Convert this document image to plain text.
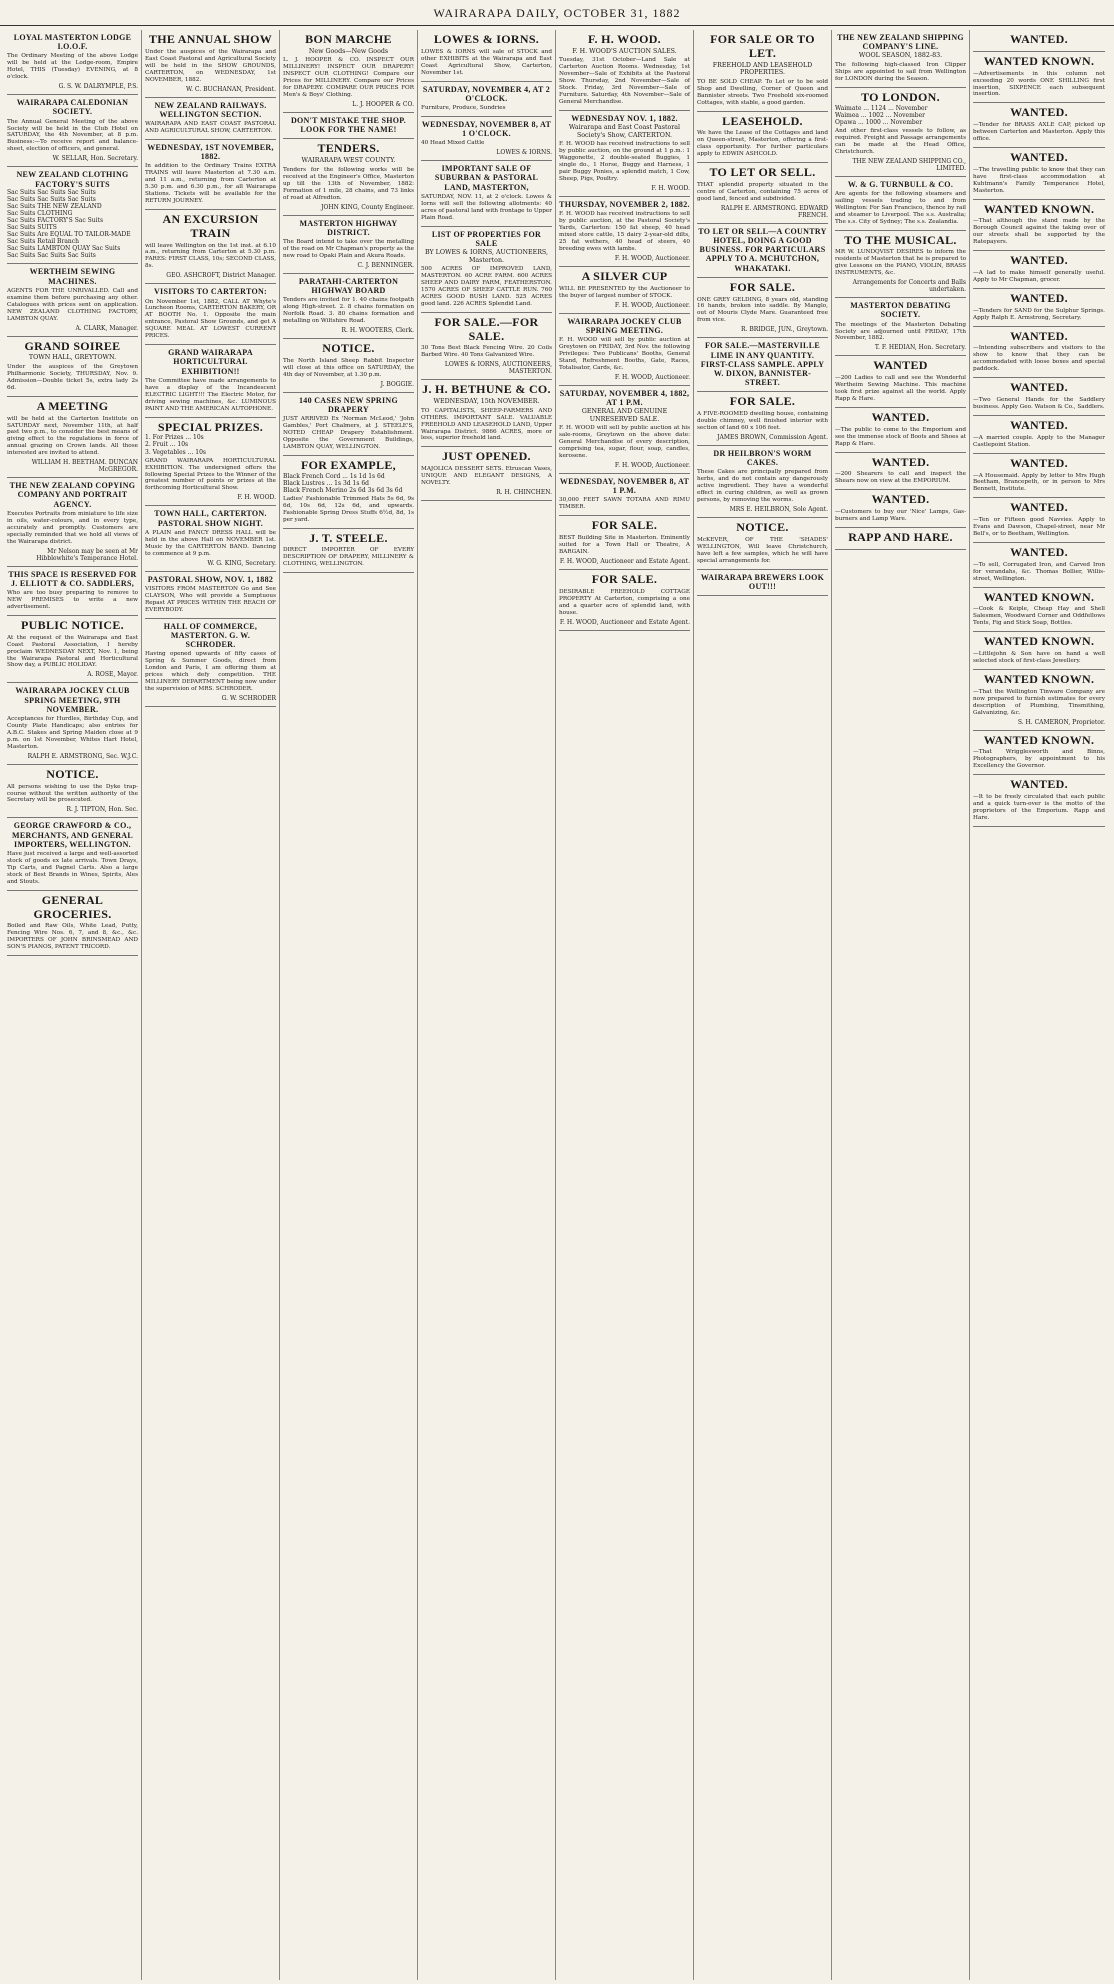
WAIRARAPA DAILY, OCTOBER 31, 1882
LOYAL MASTERTON LODGE I.O.O.F.
The Ordinary Meeting of the above Lodge will be held at the Lodge-room, Empire Hotel, THIS (Tuesday) EVENING, at 8 o'clock.
G. S. W. DALRYMPLE, P.S.
WAIRARAPA CALEDONIAN SOCIETY.
The Annual General Meeting of the above Society will be held in the Club Hotel on SATURDAY, the 4th November, at 8 p.m. Business:—To receive report and balance-sheet, election of officers, and general.
W. SELLAR, Hon. Secretary.
NEW ZEALAND CLOTHING FACTORY'S SUITS
Sac Suits Sac Suits Sac Suits
Sac Suits Sac Suits Sac Suits
Sac Suits THE NEW ZEALAND
Sac Suits CLOTHING
Sac Suits FACTORY'S Sac Suits
Sac Suits SUITS
Sac Suits Are EQUAL TO TAILOR-MADE
Sac Suits Retail Branch
Sac Suits LAMBTON QUAY Sac Suits
Sac Suits Sac Suits Sac Suits
WERTHEIM SEWING MACHINES.
AGENTS FOR THE UNRIVALLED. Call and examine them before purchasing any other. Catalogues with prices sent on application. NEW ZEALAND CLOTHING FACTORY, LAMBTON QUAY.
A. CLARK, Manager.
GRAND SOIREE
TOWN HALL, GREYTOWN.
Under the auspices of the Greytown Philharmonic Society, THURSDAY, Nov. 9. Admission—Double ticket 5s, extra lady 2s 6d.
A MEETING
will be held at the Carterton Institute on SATURDAY next, November 11th, at half past two p.m., to consider the best means of giving effect to the regulations in force of annual grazing on Crown lands. All those interested are invited to attend.
WILLIAM H. BEETHAM. DUNCAN McGREGOR.
THE NEW ZEALAND COPYING COMPANY AND PORTRAIT AGENCY.
Executes Portraits from miniature to life size in oils, water-colours, and in every type, accurately and promptly. Customers are specially reminded that we hold all views of the Wairarapa district.
Mr Nelson may be seen at Mr Hibblewhite's Temperance Hotel.
THIS SPACE IS RESERVED FOR J. ELLIOTT & CO. SADDLERS,
Who are too busy preparing to remove to NEW PREMISES to write a new advertisement.
PUBLIC NOTICE.
At the request of the Wairarapa and East Coast Pastoral Association, I hereby proclaim WEDNESDAY NEXT, Nov. 1, being the Wairarapa Pastoral and Horticultural Show day, a PUBLIC HOLIDAY.
A. ROSE, Mayor.
WAIRARAPA JOCKEY CLUB SPRING MEETING, 9TH NOVEMBER.
Acceptances for Hurdles, Birthday Cup, and County Plate Handicaps; also entries for A.B.C. Stakes and Spring Maiden close at 9 p.m. on 1st November, Whites Hart Hotel, Masterton.
RALPH E. ARMSTRONG, Sec. W.J.C.
NOTICE.
All persons wishing to use the Dyke trap-course without the written authority of the Secretary will be prosecuted.
R. J. TIPTON, Hon. Sec.
GEORGE CRAWFORD & CO., MERCHANTS, AND GENERAL IMPORTERS, WELLINGTON.
Have just received a large and well-assorted stock of goods ex late arrivals. Town Drays, Tip Carts, and Pagnel Carts. Also a large stock of Best Brands in Wines, Spirits, Ales and Stouts.
GENERAL GROCERIES.
Boiled and Raw Oils, White Lead, Putty, Fencing Wire Nos. 6, 7, and 8, &c., &c. IMPORTERS OF JOHN BRINSMEAD AND SON'S PIANOS, PATENT TRICORD.
THE ANNUAL SHOW
Under the auspices of the Wairarapa and East Coast Pastoral and Agricultural Society will be held in the SHOW GROUNDS, CARTERTON, on WEDNESDAY, 1st NOVEMBER, 1882.
W. C. BUCHANAN, President.
NEW ZEALAND RAILWAYS. WELLINGTON SECTION.
WAIRARAPA AND EAST COAST PASTORAL AND AGRICULTURAL SHOW, CARTERTON.
WEDNESDAY, 1ST NOVEMBER, 1882.
In addition to the Ordinary Trains EXTRA TRAINS will leave Masterton at 7.30 a.m. and 11 a.m., returning from Carterton at 5.30 p.m. and 6.30 p.m., for all Wairarapa Stations. Tickets will be available for the RETURN JOURNEY.
AN EXCURSION TRAIN
will leave Wellington on the 1st inst. at 6.10 a.m., returning from Carterton at 5.30 p.m. FARES: FIRST CLASS, 10s; SECOND CLASS, 8s.
GEO. ASHCROFT, District Manager.
VISITORS TO CARTERTON:
On November 1st, 1882, CALL AT Whyte's Luncheon Rooms, CARTERTON BAKERY, OR AT BOOTH No. 1. Opposite the main entrance, Pastoral Show Grounds, and get A SQUARE MEAL AT LOWEST CURRENT PRICES.
GRAND WAIRARAPA HORTICULTURAL EXHIBITION!!
The Committee have made arrangements to have a display of the Incandescent ELECTRIC LIGHT!!! The Electric Motor, for driving sewing machines, &c. LUMINOUS PAINT AND THE AMERICAN AUTOPHONE.
SPECIAL PRIZES.
1. For Prizes ... 10s
2. Fruit ... 10s
3. Vegetables ... 10s
GRAND WAIRARAPA HORTICULTURAL EXHIBITION. The undersigned offers the following Special Prizes to the Winner of the greatest number of points or prizes at the forthcoming Horticultural Show.
F. H. WOOD.
TOWN HALL, CARTERTON. PASTORAL SHOW NIGHT.
A PLAIN and FANCY DRESS HALL will be held in the above Hall on NOVEMBER 1st. Music by the CARTERTON BAND. Dancing to commence at 9 p.m.
W. G. KING, Secretary.
PASTORAL SHOW, NOV. 1, 1882
VISITORS FROM MASTERTON Go and See CLAYSON, Who will provide a Sumptuous Repast AT PRICES WITHIN THE REACH OF EVERYBODY.
HALL OF COMMERCE, MASTERTON. G. W. SCHRODER.
Having opened upwards of fifty cases of Spring & Summer Goods, direct from London and Paris, I am offering them at prices which defy competition. THE MILLINERY DEPARTMENT being now under the supervision of MRS. SCHRODER.
G. W. SCHRODER
BON MARCHE
New Goods—New Goods
L. J. HOOPER & CO. INSPECT OUR MILLINERY! INSPECT OUR DRAPERY! INSPECT OUR CLOTHING! Compare our Prices for MILLINERY. Compare our Prices for DRAPERY. COMPARE OUR PRICES FOR Men's & Boys' Clothing.
L. J. HOOPER & CO.
DON'T MISTAKE THE SHOP. LOOK FOR THE NAME!
TENDERS.
WAIRARAPA WEST COUNTY.
Tenders for the following works will be received at the Engineer's Office, Masterton up till the 13th of November, 1882: Formation of 1 mile, 28 chains, and 73 links of road at Alfredton.
JOHN KING, County Engineer.
MASTERTON HIGHWAY DISTRICT.
The Board intend to take over the metalling of the road on Mr Chapman's property as the new road to Opaki Plain and Akura Roads.
C. J. BENNINGER.
PARATAHI-CARTERTON HIGHWAY BOARD
Tenders are invited for 1. 40 chains footpath along High-street. 2. 8 chains formation on Norfolk Road. 3. 80 chains formation and metalling on Wiltshire Road.
R. H. WOOTERS, Clerk.
NOTICE.
The North Island Sheep Rabbit Inspector will close at this office on SATURDAY, the 4th day of November, at 1.30 p.m.
J. BOGGIE.
140 CASES NEW SPRING DRAPERY
JUST ARRIVED Ex 'Norman McLeod,' 'John Gambles,' Port Chalmers, at J. STEELE'S, NOTED CHEAP Drapery Establishment. Opposite the Government Buildings, LAMBTON QUAY, WELLINGTON.
FOR EXAMPLE,
Black French Cord ... 1s 1d 1s 6d
Black Lustres ... 1s 3d 1s 6d
Black French Merino 2s 6d 3s 6d 3s 6d
Ladies' Fashionable Trimmed Hats 5s 6d, 9s 6d, 10s 6d, 12s 6d, and upwards. Fashionable Spring Dress Stuffs 6½d, 8d, 1s per yard.
J. T. STEELE.
DIRECT IMPORTER OF EVERY DESCRIPTION OF DRAPERY, MILLINERY & CLOTHING, WELLINGTON.
LOWES & IORNS.
LOWES & IORNS will sale of STOCK and other EXHIBITS at the Wairarapa and East Coast Agricultural Show, Carterton, November 1st.
SATURDAY, NOVEMBER 4, AT 2 O'CLOCK.
Furniture, Produce, Sundries
WEDNESDAY, NOVEMBER 8, AT 1 O'CLOCK.
40 Head Mixed Cattle
LOWES & IORNS.
IMPORTANT SALE OF SUBURBAN & PASTORAL LAND, MASTERTON,
SATURDAY, NOV. 11, at 2 o'clock. Lowes & Iorns will sell the following allotments: 40 acres of pastoral land with frontage to Upper Plain Road.
LIST OF PROPERTIES FOR SALE
BY LOWES & IORNS, AUCTIONEERS, Masterton.
500 ACRES OF IMPROVED LAND, MASTERTON. 60 ACRE FARM. 600 ACRES SHEEP AND DAIRY FARM, FEATHERSTON. 1570 ACRES OF SHEEP CATTLE RUN. 760 ACRES GOOD BUSH LAND. 525 ACRES good land. 226 ACRES Splendid Land.
FOR SALE.—FOR SALE.
30 Tons Best Black Fencing Wire. 20 Coils Barbed Wire. 40 Tons Galvanized Wire.
LOWES & IORNS, AUCTIONEERS, MASTERTON.
J. H. BETHUNE & CO.
WEDNESDAY, 15th NOVEMBER.
TO CAPITALISTS, SHEEP-FARMERS AND OTHERS. IMPORTANT SALE. VALUABLE FREEHOLD AND LEASEHOLD LAND, Upper Wairarapa District. 9866 ACRES, more or less, superior freehold land.
JUST OPENED.
MAJOLICA DESSERT SETS. Etruscan Vases, UNIQUE AND ELEGANT DESIGNS, A NOVELTY.
R. H. CHINCHEN.
F. H. WOOD.
F. H. WOOD'S AUCTION SALES.
Tuesday, 31st October—Land Sale at Carterton Auction Rooms. Wednesday, 1st November—Sale of Exhibits at the Pastoral Show. Thursday, 2nd November—Sale of Stock. Friday, 3rd November—Sale of Furniture. Saturday, 4th November—Sale of General Merchandise.
WEDNESDAY NOV. 1, 1882.
Wairarapa and East Coast Pastoral Society's Show, CARTERTON.
F. H. WOOD has received instructions to sell by public auction, on the ground at 1 p.m.: 1 Waggonette, 2 double-seated Buggies, 1 single do., 1 Horse, Buggy and Harness, 1 pair Buggy Ponies, a splendid match, 1 Cow, Sheep, Pigs, Poultry.
F. H. WOOD.
THURSDAY, NOVEMBER 2, 1882.
F. H. WOOD has received instructions to sell by public auction, at the Pastoral Society's Yards, Carterton: 150 fat sheep, 40 head mixed store cattle, 15 dairy 2-year-old dilts, 25 fat wethers, 40 head of steers, 40 breeding ewes with lambs.
F. H. WOOD, Auctioneer.
A SILVER CUP
WILL BE PRESENTED by the Auctioneer to the buyer of largest number of STOCK.
F. H. WOOD, Auctioneer.
WAIRARAPA JOCKEY CLUB SPRING MEETING.
F. H. WOOD will sell by public auction at Greytown on FRIDAY, 3rd Nov. the following Privileges: Two Publicans' Booths, General Stand, Refreshment Booths, Gate, Races, Totalisator, Cards, &c.
F. H. WOOD, Auctioneer.
SATURDAY, NOVEMBER 4, 1882, AT 1 P.M.
GENERAL AND GENUINE UNRESERVED SALE.
F. H. WOOD will sell by public auction at his sale-rooms, Greytown on the above date: General Merchandise of every description, comprising tea, sugar, flour, soap, candles, kerosene.
F. H. WOOD, Auctioneer.
WEDNESDAY, NOVEMBER 8, AT 1 P.M.
30,000 FEET SAWN TOTARA AND RIMU TIMBER.
FOR SALE.
BEST Building Site in Masterton. Eminently suited for a Town Hall or Theatre, A BARGAIN.
F. H. WOOD, Auctioneer and Estate Agent.
FOR SALE.
DESIRABLE FREEHOLD COTTAGE PROPERTY At Carterton, comprising a one and a quarter acre of splendid land, with house.
F. H. WOOD, Auctioneer and Estate Agent.
FOR SALE OR TO LET.
FREEHOLD AND LEASEHOLD PROPERTIES.
TO BE SOLD CHEAP. To Let or to be sold Shop and Dwelling, Corner of Queen and Bannister streets. Two Freehold six-roomed Cottages, with stable, a good garden.
LEASEHOLD.
We have the Lease of the Cottages and land on Queen-street, Masterton, offering a first-class opportunity. For further particulars apply to EDWIN ASHCOLD.
TO LET OR SELL.
THAT splendid property situated in the centre of Carterton, containing 75 acres of good land, fenced and subdivided.
RALPH E. ARMSTRONG. EDWARD FRENCH.
TO LET OR SELL—A COUNTRY HOTEL, DOING A GOOD BUSINESS. FOR PARTICULARS APPLY TO A. MCHUTCHON, WHAKATAKI.
FOR SALE.
ONE GREY GELDING, 8 years old, standing 16 hands, broken into saddle. By Manglo, out of Mouris Clyde Mare. Guaranteed free from vice.
R. BRIDGE, JUN., Greytown.
FOR SALE.—MASTERVILLE LIME IN ANY QUANTITY. FIRST-CLASS SAMPLE. APPLY W. DIXON, BANNISTER-STREET.
FOR SALE.
A FIVE-ROOMED dwelling house, containing double chimney, well finished interior with section of land 60 x 106 feet.
JAMES BROWN, Commission Agent.
DR HEILBRON'S WORM CAKES.
These Cakes are principally prepared from herbs, and do not contain any dangerously active ingredient. They have a wonderful effect in curing children, as well as grown persons, by removing the worms.
MRS E. HEILBRON, Sole Agent.
NOTICE.
McKEVER, OF THE 'SHADES' WELLINGTON, Will leave Christchurch, have left a few samples, which he will have special arrangements for.
WAIRARAPA BREWERS LOOK OUT!!!
THE NEW ZEALAND SHIPPING COMPANY'S LINE.
WOOL SEASON, 1882-83.
The following high-classed Iron Clipper Ships are appointed to sail from Wellington for LONDON during the Season.
TO LONDON.
Waimate ... 1124 ... November
Waimea ... 1002 ... November
Opawa ... 1000 ... November
And other first-class vessels to follow, as required. Freight and Passage arrangements can be made at the Head Office, Christchurch.
THE NEW ZEALAND SHIPPING CO., LIMITED.
W. & G. TURNBULL & CO.
Are agents for the following steamers and sailing vessels trading to and from Wellington: For San Francisco, thence by rail and steamer to Liverpool. The s.s. Australia; The s.s. City of Sydney; The s.s. Zealandia.
TO THE MUSICAL.
MR W. LUNDQVIST DESIRES to inform the residents of Masterton that he is prepared to give Lessons on the PIANO, VIOLIN, BRASS INSTRUMENTS, &c.
Arrangements for Concerts and Balls undertaken.
MASTERTON DEBATING SOCIETY.
The meetings of the Masterton Debating Society are adjourned until FRIDAY, 17th November, 1882.
T. F. HEDIAN, Hon. Secretary.
WANTED
—200 Ladies to call and see the Wonderful Wertheim Sewing Machine. This machine took first prize against all the world. Apply Rapp & Hare.
WANTED.
—The public to come to the Emporium and see the immense stock of Boots and Shoes at Rapp & Hare.
WANTED.
—200 Shearers to call and inspect the Shears now on view at the EMPORIUM.
WANTED.
—Customers to buy our 'Nice' Lamps, Gas-burners and Lamp Ware.
RAPP AND HARE.
WANTED.
WANTED KNOWN.
—Advertisements in this column not exceeding 20 words ONE SHILLING first insertion, SIXPENCE each subsequent insertion.
WANTED.
—Tender for BRASS AXLE CAP, picked up between Carterton and Masterton. Apply this office.
WANTED.
—The travelling public to know that they can have first-class accommodation at Kuhtmann's Family Temperance Hotel, Masterton.
WANTED KNOWN.
—That although the stand made by the Borough Council against the taking over of our streets shall be supported by the Ratepayers.
WANTED.
—A lad to make himself generally useful. Apply to Mr Chapman, grocer.
WANTED.
—Tenders for SAND for the Sulphur Springs. Apply Ralph E. Armstrong, Secretary.
WANTED.
—Intending subscribers and visitors to the show to know that they can be accommodated with loose boxes and special paddock.
WANTED.
—Two General Hands for the Saddlery business. Apply Geo. Watson & Co., Saddlers.
WANTED.
—A married couple. Apply to the Manager Castlepoint Station.
WANTED.
—A Housemaid. Apply by letter to Mrs Hugh Beetham, Brancepeth, or in person to Mrs Bennett, Institute.
WANTED.
—Ten or Fifteen good Navvies. Apply to Evans and Dawson, Chapel-street, near Mr Bell's, or to Beetham, Wellington.
WANTED.
—To sell, Corrugated Iron, and Carved Iron for verandahs, &c. Thomas Bollier, Willis-street, Wellington.
WANTED KNOWN.
—Cook & Keiple, Cheap Hay and Shell Salesmen, Woodward Corner and Oddfellows Tents, Fig and Stick Soap, Bottles.
WANTED KNOWN.
—Littlejohn & Son have on hand a well selected stock of first-class Jewellery.
WANTED KNOWN.
—That the Wellington Tinware Company are now prepared to furnish estimates for every description of Plumbing, Tinsmithing, Galvanizing, &c.
S. H. CAMERON, Proprietor.
WANTED KNOWN.
—That Wrigglesworth and Binns, Photographers, by appointment to his Excellency the Governor.
WANTED.
—It to be freely circulated that each public and a quick turn-over is the motto of the proprietors of the Emporium. Rapp and Hare.
